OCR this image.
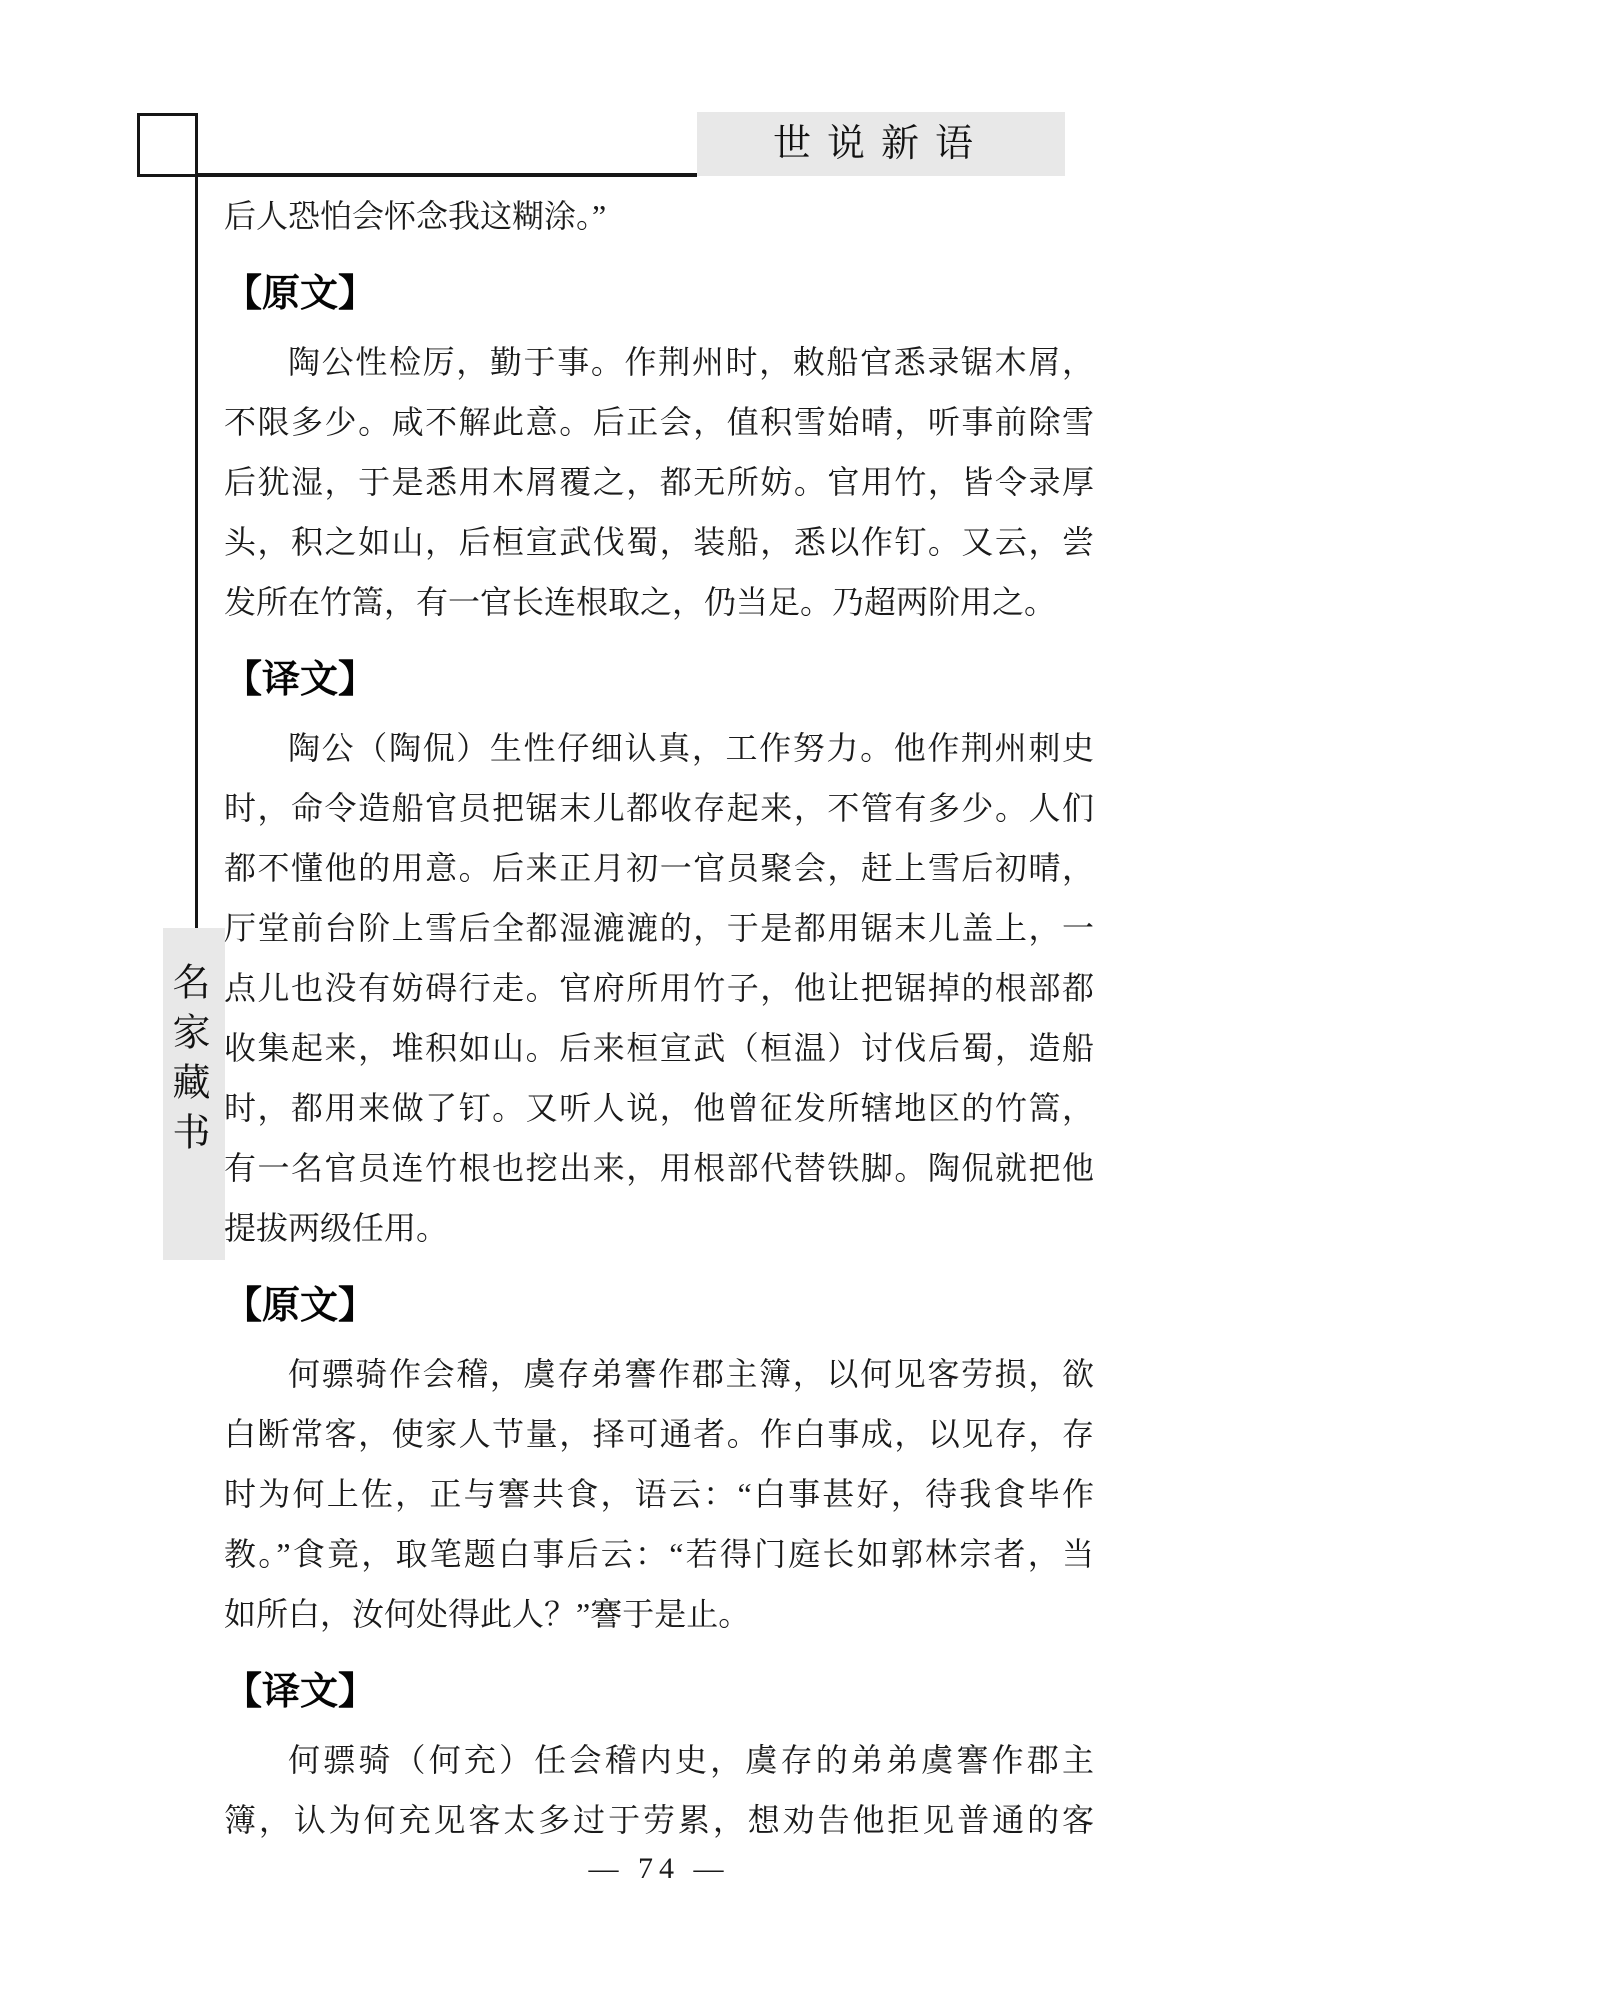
世说新语
名家藏书
后人恐怕会怀念我这糊涂。”
【原文】
陶公性检厉，勤于事。作荆州时，敕船官悉录锯木屑，
不限多少。咸不解此意。后正会，值积雪始晴，听事前除雪
后犹湿，于是悉用木屑覆之，都无所妨。官用竹，皆令录厚
头，积之如山，后桓宣武伐蜀，装船，悉以作钉。又云，尝
发所在竹篙，有一官长连根取之，仍当足。乃超两阶用之。
【译文】
陶公（陶侃）生性仔细认真，工作努力。他作荆州刺史
时，命令造船官员把锯末儿都收存起来，不管有多少。人们
都不懂他的用意。后来正月初一官员聚会，赶上雪后初晴，
厅堂前台阶上雪后全都湿漉漉的，于是都用锯末儿盖上，一
点儿也没有妨碍行走。官府所用竹子，他让把锯掉的根部都
收集起来，堆积如山。后来桓宣武（桓温）讨伐后蜀，造船
时，都用来做了钉。又听人说，他曾征发所辖地区的竹篙，
有一名官员连竹根也挖出来，用根部代替铁脚。陶侃就把他
提拔两级任用。
【原文】
何骠骑作会稽，虞存弟謇作郡主簿，以何见客劳损，欲
白断常客，使家人节量，择可通者。作白事成，以见存，存
时为何上佐，正与謇共食，语云：“白事甚好，待我食毕作
教。”食竟，取笔题白事后云：“若得门庭长如郭林宗者，当
如所白，汝何处得此人？”謇于是止。
【译文】
何骠骑（何充）任会稽内史，虞存的弟弟虞謇作郡主
簿，认为何充见客太多过于劳累，想劝告他拒见普通的客
— 74 —
